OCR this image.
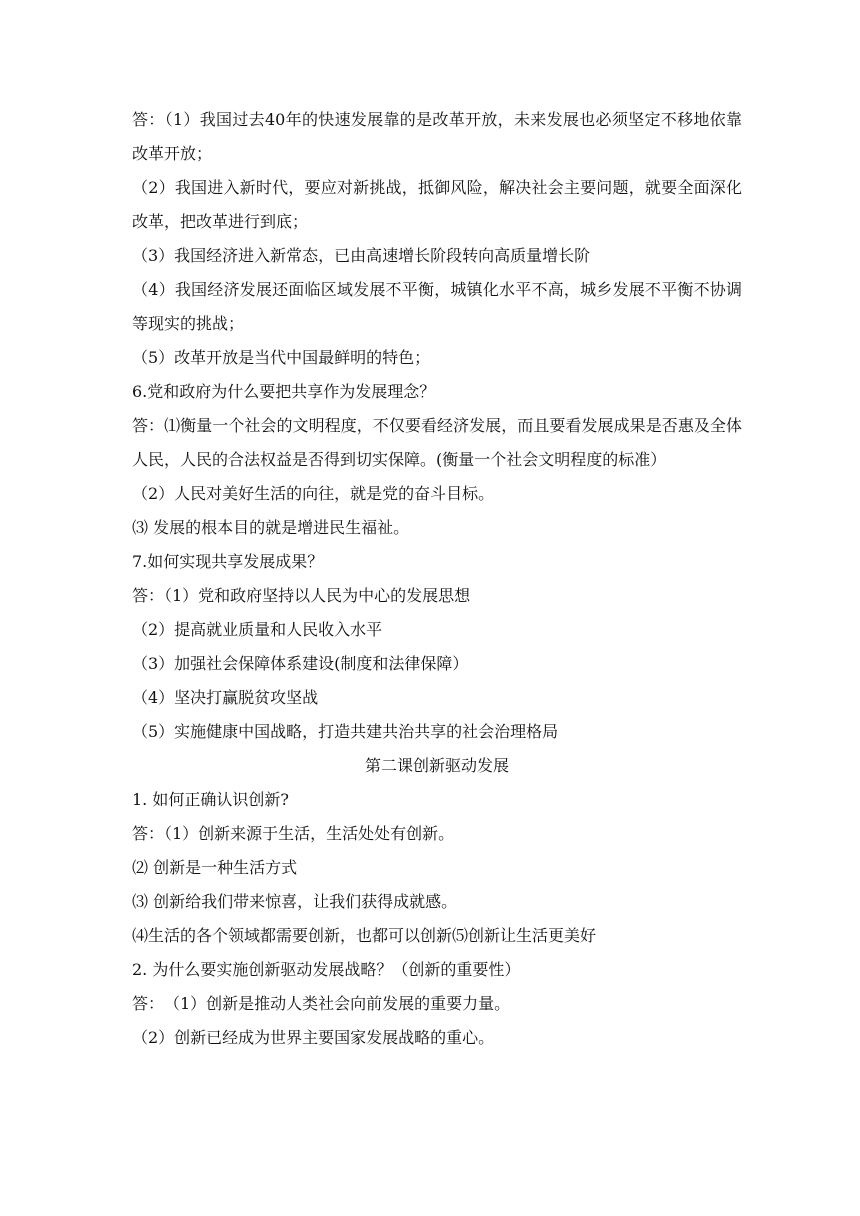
答：（1）我国过去40年的快速发展靠的是改革开放，未来发展也必须坚定不移地依靠改革开放；
（2）我国进入新时代，要应对新挑战，抵御风险，解决社会主要问题，就要全面深化改革，把改革进行到底；
（3）我国经济进入新常态，已由高速增长阶段转向高质量增长阶
（4）我国经济发展还面临区域发展不平衡，城镇化水平不高，城乡发展不平衡不协调等现实的挑战；
（5）改革开放是当代中国最鲜明的特色；
6.党和政府为什么要把共享作为发展理念？
答：⑴衡量一个社会的文明程度，不仅要看经济发展，而且要看发展成果是否惠及全体人民，人民的合法权益是否得到切实保障。(衡量一个社会文明程度的标准）
（2）人民对美好生活的向往，就是党的奋斗目标。
⑶ 发展的根本目的就是增进民生福祉。
7.如何实现共享发展成果？
答：（1）党和政府坚持以人民为中心的发展思想
（2）提高就业质量和人民收入水平
（3）加强社会保障体系建设(制度和法律保障）
（4）坚决打赢脱贫攻坚战
（5）实施健康中国战略，打造共建共治共享的社会治理格局
第二课创新驱动发展
1. 如何正确认识创新?
答：（1）创新来源于生活，生活处处有创新。
⑵ 创新是一种生活方式
⑶ 创新给我们带来惊喜，让我们获得成就感。
⑷生活的各个领域都需要创新，也都可以创新⑸创新让生活更美好
2. 为什么要实施创新驱动发展战略？（创新的重要性）
答：　（1）创新是推动人类社会向前发展的重要力量。
（2）创新已经成为世界主要国家发展战略的重心。
